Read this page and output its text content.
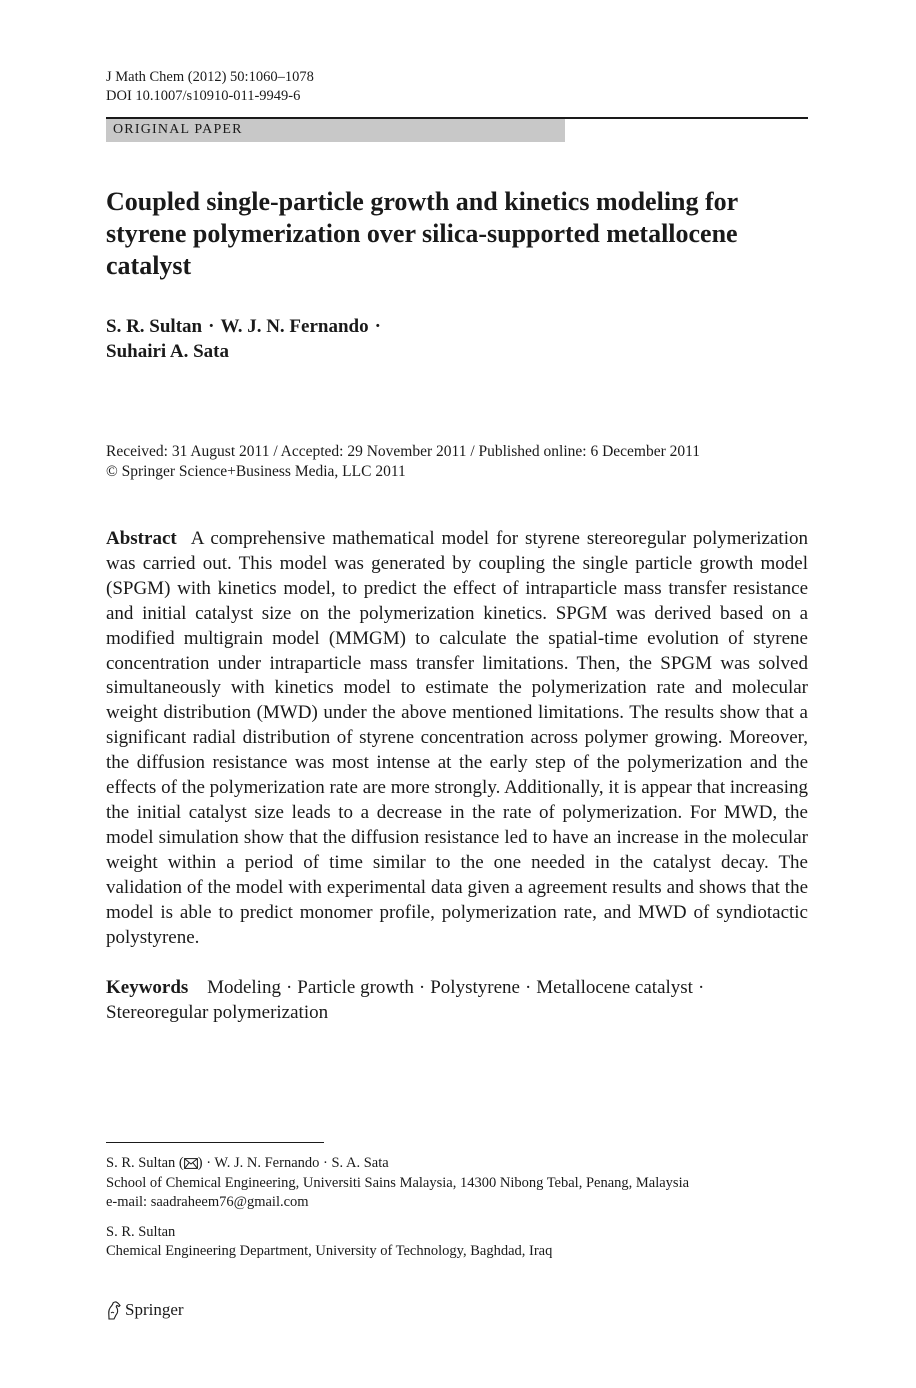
J Math Chem (2012) 50:1060–1078
DOI 10.1007/s10910-011-9949-6
ORIGINAL PAPER
Coupled single-particle growth and kinetics modeling for styrene polymerization over silica-supported metallocene catalyst
S. R. Sultan · W. J. N. Fernando ·
Suhairi A. Sata
Received: 31 August 2011 / Accepted: 29 November 2011 / Published online: 6 December 2011
© Springer Science+Business Media, LLC 2011

Abstract A comprehensive mathematical model for styrene stereoregular polymerization was carried out. This model was generated by coupling the single particle growth model (SPGM) with kinetics model, to predict the effect of intraparticle mass transfer resistance and initial catalyst size on the polymerization kinetics. SPGM was derived based on a modified multigrain model (MMGM) to calculate the spatial-time evolution of styrene concentration under intraparticle mass transfer limitations. Then, the SPGM was solved simultaneously with kinetics model to estimate the polymerization rate and molecular weight distribution (MWD) under the above mentioned limitations. The results show that a significant radial distribution of styrene concentration across polymer growing. Moreover, the diffusion resistance was most intense at the early step of the polymerization and the effects of the polymerization rate are more strongly. Additionally, it is appear that increasing the initial catalyst size leads to a decrease in the rate of polymerization. For MWD, the model simulation show that the diffusion resistance led to have an increase in the molecular weight within a period of time similar to the one needed in the catalyst decay. The validation of the model with experimental data given a agreement results and shows that the model is able to predict monomer profile, polymerization rate, and MWD of syndiotactic polystyrene.

Keywords Modeling · Particle growth · Polystyrene · Metallocene catalyst ·
Stereoregular polymerization
S. R. Sultan ( ) · W. J. N. Fernando · S. A. Sata
School of Chemical Engineering, Universiti Sains Malaysia, 14300 Nibong Tebal, Penang, Malaysia
e-mail: saadraheem76@gmail.com
S. R. Sultan
Chemical Engineering Department, University of Technology, Baghdad, Iraq
Springer
